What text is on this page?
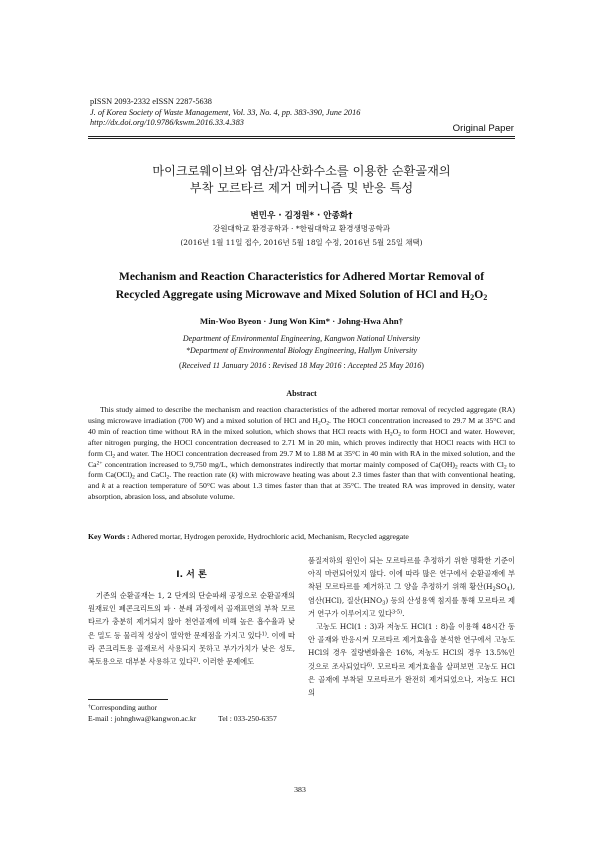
pISSN 2093-2332 eISSN 2287-5638
J. of Korea Society of Waste Management, Vol. 33, No. 4, pp. 383-390, June 2016
http://dx.doi.org/10.9786/kswm.2016.33.4.383
Original Paper
마이크로웨이브와 염산/과산화수소를 이용한 순환골재의
부착 모르타르 제거 메커니즘 및 반응 특성
변민우 · 김정원* · 안종화†
강원대학교 환경공학과 · *한림대학교 환경생명공학과
(2016년 1월 11일 접수, 2016년 5월 18일 수정, 2016년 5월 25일 채택)
Mechanism and Reaction Characteristics for Adhered Mortar Removal of
Recycled Aggregate using Microwave and Mixed Solution of HCl and $H_2O_2$
Min-Woo Byeon · Jung Won Kim* · Johng-Hwa Ahn†
Department of Environmental Engineering, Kangwon National University
*Department of Environmental Biology Engineering, Hallym University
(Received 11 January 2016 : Revised 18 May 2016 : Accepted 25 May 2016)
Abstract
This study aimed to describe the mechanism and reaction characteristics of the adhered mortar removal of recycled aggregate (RA) using microwave irradiation (700 W) and a mixed solution of HCl and $H_2O_2$. The HOCl concentration increased to 29.7 M at 35°C and 40 min of reaction time without RA in the mixed solution, which shows that HCl reacts with $H_2O_2$ to form HOCl and water. However, after nitrogen purging, the HOCl concentration decreased to 2.71 M in 20 min, which proves indirectly that HOCl reacts with HCl to form $Cl_2$ and water. The HOCl concentration decreased from 29.7 M to 1.88 M at 35°C in 40 min with RA in the mixed solution, and the $Ca^{2+}$ concentration increased to 9,750 mg/L, which demonstrates indirectly that mortar mainly composed of $Ca(OH)_2$ reacts with $Cl_2$ to form $Ca(OCl)_2$ and CaCl$_2$. The reaction rate (k) with microwave heating was about 2.3 times faster than that with conventional heating, and k at a reaction temperature of 50°C was about 1.3 times faster than that at 35°C. The treated RA was improved in density, water absorption, abrasion loss, and absolute volume.
Key Words : Adhered mortar, Hydrogen peroxide, Hydrochloric acid, Mechanism, Recycled aggregate
I. 서 론
기존의 순환골재는 1, 2 단계의 단순파쇄 공정으로 순환골재의 원재료인 폐콘크리트의 파 · 분쇄 과정에서 골재표면의 부착 모르타르가 충분히 제거되지 않아 천연골재에 비해 높은 흡수율과 낮은 밀도 등 물리적 성상이 열악한 문제점을 가지고 있다$^{1)}$. 이에 따라 콘크리트용 골재로서 사용되지 못하고 부가가치가 낮은 성토, 복토용으로 대부분 사용하고 있다$^{2)}$. 이러한 문제에도

품질저하의 원인이 되는 모르타르를 추정하기 위한 명확한 기준이 아직 마련되어있지 않다. 이에 따라 많은 연구에서 순환골재에 부착된 모르타르를 제거하고 그 양을 추정하기 위해 황산$(H_2SO_4)$, 염산(HCl), 질산$(HNO_3)$ 등의 산성용액 침지를 통해 모르타르 제거 연구가 이루어지고 있다$^{3-5)}$.

고농도 HCl(1 : 3)과 저농도 HCl(1 : 8)을 이용해 48시간 동안 골재와 반응시켜 모르타르 제거효율을 분석한 연구에서 고농도 HCl의 경우 질량변화율은 16%, 저농도 HCl의 경우 13.5%인 것으로 조사되었다$^{6)}$. 모르타르 제거효율을 살펴보면 고농도 HCl은 골재에 부착된 모르타르가 완전히 제거되었으나, 저농도 HCl의

†Corresponding author
E-mail : johnghwa@kangwon.ac.kr	Tel : 033-250-6357
383
